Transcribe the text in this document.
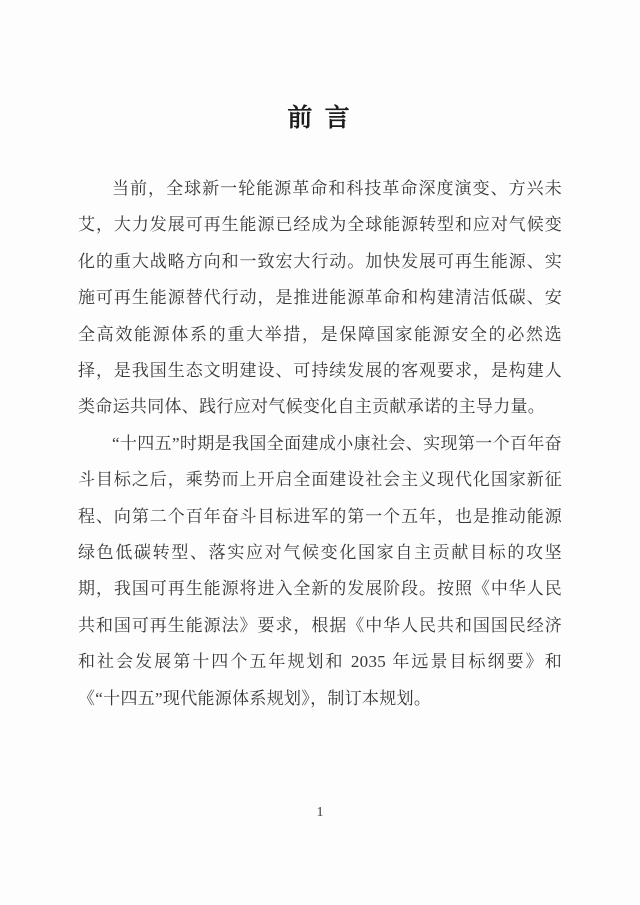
前 言

当前，全球新一轮能源革命和科技革命深度演变、方兴未艾，大力发展可再生能源已经成为全球能源转型和应对气候变化的重大战略方向和一致宏大行动。加快发展可再生能源、实施可再生能源替代行动，是推进能源革命和构建清洁低碳、安全高效能源体系的重大举措，是保障国家能源安全的必然选择，是我国生态文明建设、可持续发展的客观要求，是构建人类命运共同体、践行应对气候变化自主贡献承诺的主导力量。

“十四五”时期是我国全面建成小康社会、实现第一个百年奋斗目标之后，乘势而上开启全面建设社会主义现代化国家新征程、向第二个百年奋斗目标进军的第一个五年，也是推动能源绿色低碳转型、落实应对气候变化国家自主贡献目标的攻坚期，我国可再生能源将进入全新的发展阶段。按照《中华人民共和国可再生能源法》要求，根据《中华人民共和国国民经济和社会发展第十四个五年规划和 2035 年远景目标纲要》和《“十四五”现代能源体系规划》，制订本规划。

1
